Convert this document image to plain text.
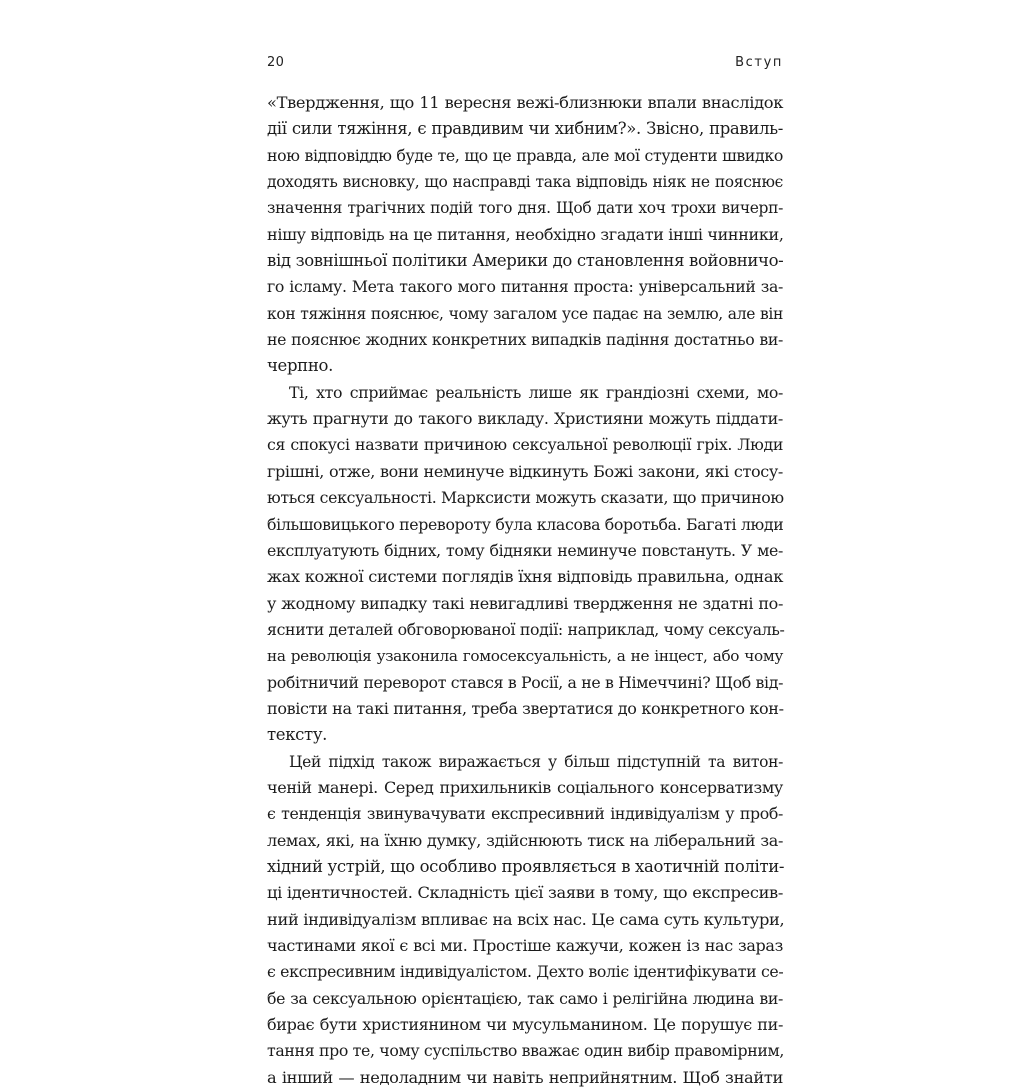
20	Вступ
«Твердження, що 11 вересня вежі-близнюки впали внаслідок
дії сили тяжіння, є правдивим чи хибним?». Звісно, правиль-
ною відповіддю буде те, що це правда, але мої студенти швидко
доходять висновку, що насправді така відповідь ніяк не пояснює
значення трагічних подій того дня. Щоб дати хоч трохи вичерп-
нішу відповідь на це питання, необхідно згадати інші чинники,
від зовнішньої політики Америки до становлення войовничо-
го ісламу. Мета такого мого питання проста: універсальний за-
кон тяжіння пояснює, чому загалом усе падає на землю, але він
не пояснює жодних конкретних випадків падіння достатньо ви-
черпно.
Ті, хто сприймає реальність лише як грандіозні схеми, мо-
жуть прагнути до такого викладу. Християни можуть піддати-
ся спокусі назвати причиною сексуальної революції гріх. Люди
грішні, отже, вони неминуче відкинуть Божі закони, які стосу-
ються сексуальності. Марксисти можуть сказати, що причиною
більшовицького перевороту була класова боротьба. Багаті люди
експлуатують бідних, тому бідняки неминуче повстануть. У ме-
жах кожної системи поглядів їхня відповідь правильна, однак
у жодному випадку такі невигадливі твердження не здатні по-
яснити деталей обговорюваної події: наприклад, чому сексуаль-
на революція узаконила гомосексуальність, а не інцест, або чому
робітничий переворот стався в Росії, а не в Німеччині? Щоб від-
повісти на такі питання, треба звертатися до конкретного кон-
тексту.
Цей підхід також виражається у більш підступній та витон-
ченій манері. Серед прихильників соціального консерватизму
є тенденція звинувачувати експресивний індивідуалізм у проб-
лемах, які, на їхню думку, здійснюють тиск на ліберальний за-
хідний устрій, що особливо проявляється в хаотичній політи-
ці ідентичностей. Складність цієї заяви в тому, що експресив-
ний індивідуалізм впливає на всіх нас. Це сама суть культури,
частинами якої є всі ми. Простіше кажучи, кожен із нас зараз
є експресивним індивідуалістом. Дехто воліє ідентифікувати се-
бе за сексуальною орієнтацією, так само і релігійна людина ви-
бирає бути християнином чи мусульманином. Це порушує пи-
тання про те, чому суспільство вважає один вибір правомірним,
а інший — недоладним чи навіть неприйнятним. Щоб знайти
